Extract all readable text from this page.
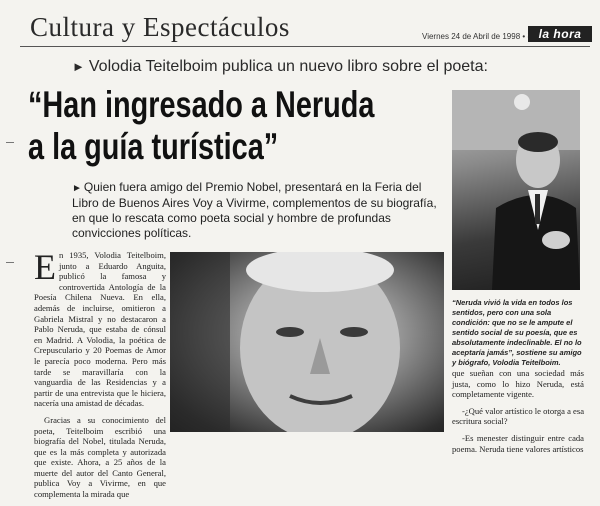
Cultura y Espectáculos	Viernes 24 de Abril de 1998 •	la hora
► Volodia Teitelboim publica un nuevo libro sobre el poeta:
“Han ingresado a Neruda
a la guía turística”
► Quien fuera amigo del Premio Nobel, presentará en la Feria del Libro de Buenos Aires Voy a Vivirme, complementos de su biografía, en que lo rescata como poeta social y hombre de profundas convicciones políticas.
“Neruda vivió la vida en todos los sentidos, pero con una sola condición: que no se le ampute el sentido social de su poesía, que es absolutamente indeclinable. El no lo aceptaría jamás”, sostiene su amigo y biógrafo, Volodia Teitelboim.

En 1935, Volodia Teitelboim, junto a Eduardo Anguita, publicó la famosa y controvertida Antología de la Poesía Chilena Nueva. En ella, además de incluirse, omitieron a Gabriela Mistral y no destacaron a Pablo Neruda, que estaba de cónsul en Madrid. A Volodia, la poética de Crepusculario y 20 Poemas de Amor le parecía poco moderna. Pero más tarde se maravillaría con la vanguardia de las Residencias y a partir de una entrevista que le hiciera, nacería una amistad de décadas.

Gracias a su conocimiento del poeta, Teitelboim escribió una biografía del Nobel, titulada Neruda, que es la más completa y autorizada que existe. Ahora, a 25 años de la muerte del autor del Canto General, publica Voy a Vivirme, en que complementa la mirada que

que sueñan con una sociedad más justa, como lo hizo Neruda, está completamente vigente.

-¿Qué valor artístico le otorga a esa escritura social?

-Es menester distinguir entre cada poema. Neruda tiene valores artísticos
